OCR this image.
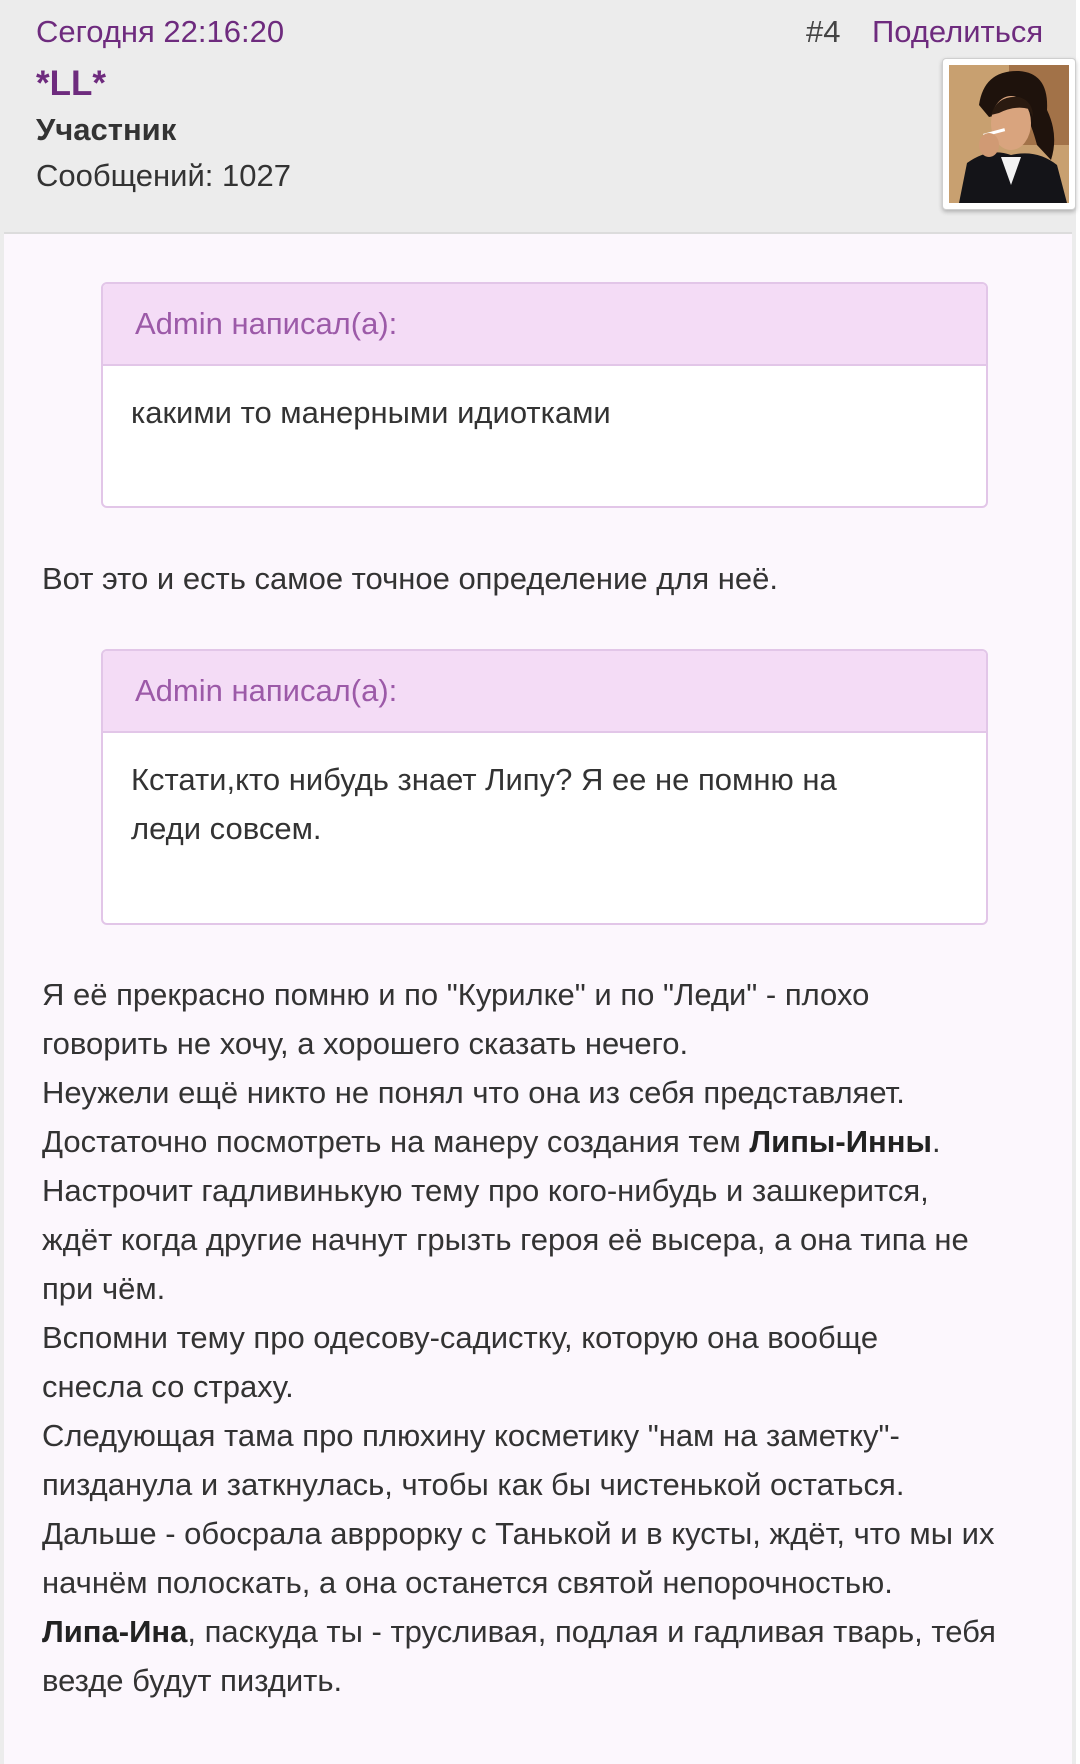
Сегодня 22:16:20	#4 Поделиться
*LL*
Участник
Сообщений: 1027
Admin написал(а):
какими то манерными идиотками
Вот это и есть самое точное определение для неё.
Admin написал(а):
Кстати,кто нибудь знает Липу? Я ее не помню на
леди совсем.
Я её прекрасно помню и по "Курилке" и по "Леди" - плохо
говорить не хочу, а хорошего сказать нечего.
Неужели ещё никто не понял что она из себя представляет.
Достаточно посмотреть на манеру создания тем Липы-Инны.
Настрочит гадливинькую тему про кого-нибудь и зашкерится,
ждёт когда другие начнут грызть героя её высера, а она типа не
при чём.
Вспомни тему про одесову-садистку, которую она вообще
снесла со страху.
Следующая тама про плюхину косметику "нам на заметку"-
пизданула и заткнулась, чтобы как бы чистенькой остаться.
Дальше - обосрала авррорку с Танькой и в кусты, ждёт, что мы их
начнём полоскать, а она останется святой непорочностью.
Липа-Ина, паскуда ты - трусливая, подлая и гадливая тварь, тебя
везде будут пиздить.
